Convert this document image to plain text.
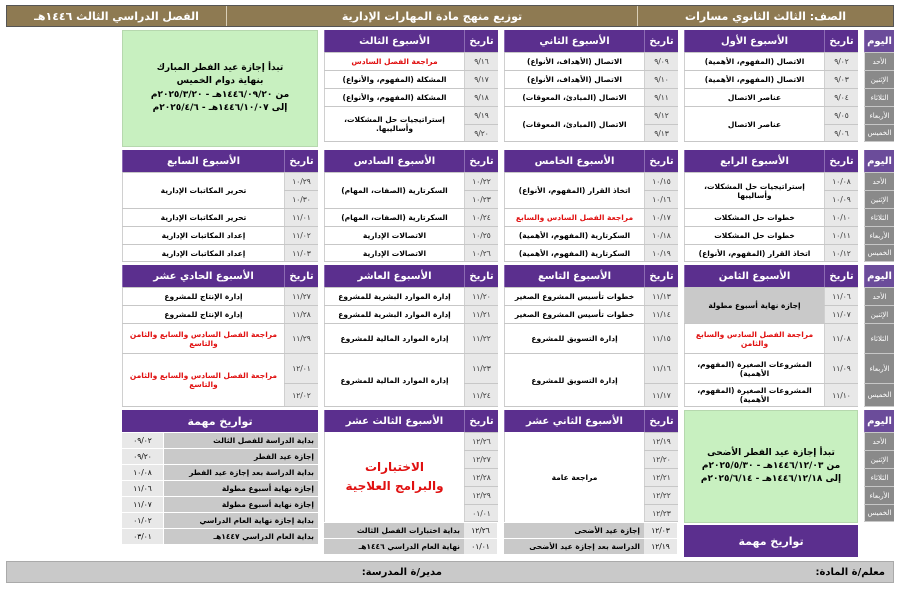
الصف: الثالث الثانوي مسارات
توزيع منهج مادة المهارات الإدارية
الفصل الدراسي الثالث ١٤٤٦هـ
اليوم
الأحد
الإثنين
الثلاثاء
الأربعاء
الخميس
تاريخ
الأسبوع الأول
٩/٠٢
٩/٠٣
٩/٠٤
٩/٠٥
٩/٠٦
الاتصال (المفهوم، الأهمية)
الاتصال (المفهوم، الأهمية)
عناصر الاتصال
عناصر الاتصال
تاريخ
الأسبوع الثاني
٩/٠٩
٩/١٠
٩/١١
٩/١٢
٩/١٣
الاتصال (الأهداف، الأنواع)
الاتصال (الأهداف، الأنواع)
الاتصال (المبادئ، المعوقات)
الاتصال (المبادئ، المعوقات)
تاريخ
الأسبوع الثالث
٩/١٦
٩/١٧
٩/١٨
٩/١٩
٩/٢٠
مراجعة الفصل السادس
المشكلة (المفهوم، والأنواع)
المشكلة (المفهوم، والأنواع)
إستراتيجيات حل المشكلات، وأساليبها.
تبدأ إجازة عيد الفطر المبارك
بنهاية دوام الخميس
من ١٤٤٦/٠٩/٢٠هـ - ٢٠٢٥/٣/٢٠م
إلى ١٤٤٦/١٠/٠٧هـ - ٢٠٢٥/٤/٦م
اليوم
الأحد
الإثنين
الثلاثاء
الأربعاء
الخميس
تاريخ
الأسبوع الرابع
١٠/٠٨
١٠/٠٩
١٠/١٠
١٠/١١
١٠/١٢
إستراتيجيات حل المشكلات، وأساليبها
خطوات حل المشكلات
خطوات حل المشكلات
اتخاذ القرار (المفهوم، الأنواع)
تاريخ
الأسبوع الخامس
١٠/١٥
١٠/١٦
١٠/١٧
١٠/١٨
١٠/١٩
اتخاذ القرار (المفهوم، الأنواع)
مراجعة الفصل السادس والسابع
السكرتارية (المفهوم، الأهمية)
السكرتارية (المفهوم، الأهمية)
تاريخ
الأسبوع السادس
١٠/٢٢
١٠/٢٣
١٠/٢٤
١٠/٢٥
١٠/٢٦
السكرتارية (الصفات، المهام)
السكرتارية (الصفات، المهام)
الاتصالات الإدارية
الاتصالات الإدارية
تاريخ
الأسبوع السابع
١٠/٢٩
١٠/٣٠
١١/٠١
١١/٠٢
١١/٠٣
تحرير المكاتبات الإدارية
تحرير المكاتبات الإدارية
إعداد المكاتبات الإدارية
إعداد المكاتبات الإدارية
اليوم
الأحد
الإثنين
الثلاثاء
الأربعاء
الخميس
تاريخ
الأسبوع الثامن
١١/٠٦
١١/٠٧
١١/٠٨
١١/٠٩
١١/١٠
إجازة نهاية أسبوع مطولة
مراجعة الفصل السادس والسابع والثامن
المشروعات الصغيرة (المفهوم، الأهمية)
المشروعات الصغيرة (المفهوم، الأهمية)
تاريخ
الأسبوع التاسع
١١/١٣
١١/١٤
١١/١٥
١١/١٦
١١/١٧
خطوات تأسيس المشروع الصغير
خطوات تأسيس المشروع الصغير
إدارة التسويق للمشروع
إدارة التسويق للمشروع
تاريخ
الأسبوع العاشر
١١/٢٠
١١/٢١
١١/٢٢
١١/٢٣
١١/٢٤
إدارة الموارد البشرية للمشروع
إدارة الموارد البشرية للمشروع
إدارة الموارد المالية للمشروع
إدارة الموارد المالية للمشروع
تاريخ
الأسبوع الحادي عشر
١١/٢٧
١١/٢٨
١١/٢٩
١٢/٠١
١٢/٠٢
إدارة الإنتاج للمشروع
إدارة الإنتاج للمشروع
مراجعة الفصل السادس والسابع والثامن والتاسع
مراجعة الفصل السادس والسابع والثامن والتاسع
اليوم
الأحد
الإثنين
الثلاثاء
الأربعاء
الخميس
تبدأ إجازة عيد الفطر الأضحى
من ١٤٤٦/١٢/٠٣هـ - ٢٠٢٥/٥/٣٠م
إلى ١٤٤٦/١٢/١٨هـ - ٢٠٢٥/٦/١٤م
تواريخ مهمة
تاريخ
الأسبوع الثاني عشر
١٢/١٩
١٢/٢٠
١٢/٢١
١٢/٢٢
١٢/٢٣
مراجعة عامة
١٢/٠٣
إجازة عيد الأضحى
١٢/١٩
الدراسة بعد إجازة عيد الأضحى
تاريخ
الأسبوع الثالث عشر
١٢/٢٦
١٢/٢٧
١٢/٢٨
١٢/٢٩
٠١/٠١
الاختبارات
والبرامج العلاجية
١٢/٢٦
بداية اختبارات الفصل الثالث
٠١/٠١
نهاية العام الدراسي ١٤٤٦هـ
تواريخ مهمة
بداية الدراسة للفصل الثالث
٠٩/٠٢
إجازة عيد الفطر
٠٩/٢٠
بداية الدراسة بعد إجازة عيد الفطر
١٠/٠٨
إجازة نهاية أسبوع مطولة
١١/٠٦
إجازة نهاية أسبوع مطولة
١١/٠٧
بداية إجازة نهاية العام الدراسي
٠١/٠٢
بداية العام الدراسي ١٤٤٧هـ
٠٣/٠١
معلم/ة المادة:
مدير/ة المدرسة:
